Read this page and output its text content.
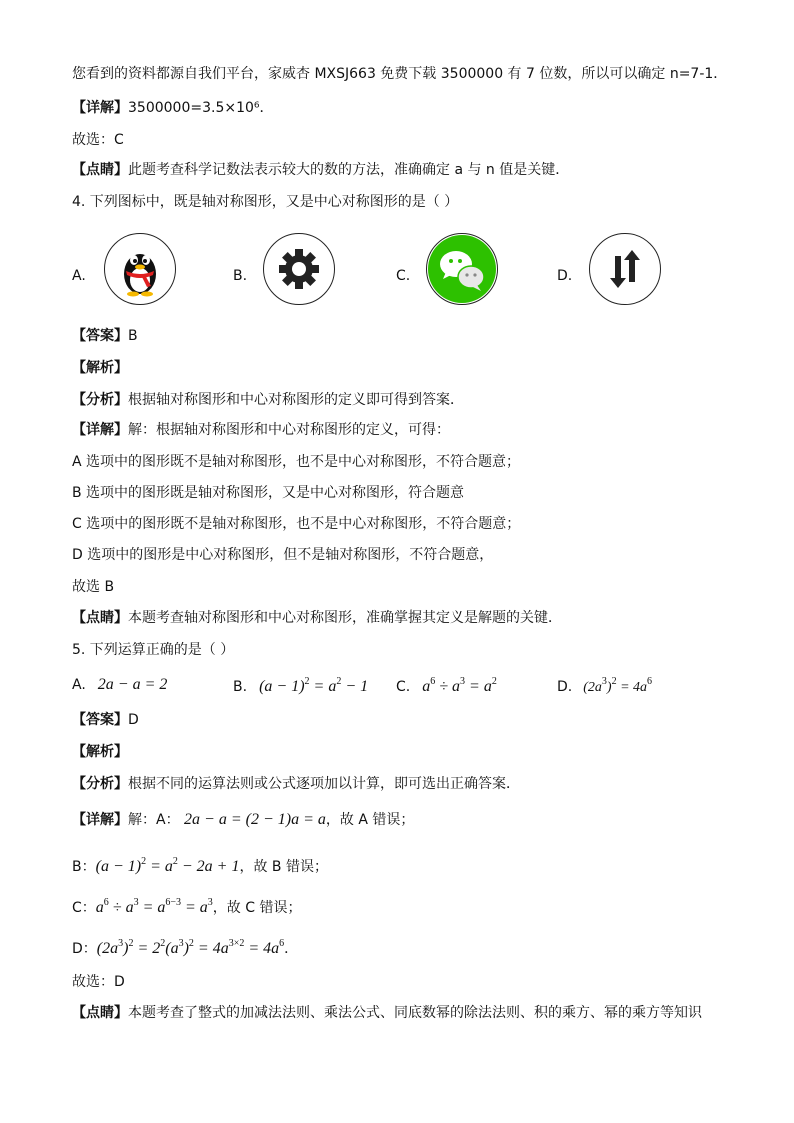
您看到的资料都源自我们平台，家威杏 MXSJ663 免费下载 3500000 有 7 位数，所以可以确定 n=7-1．
【详解】3500000=3.5×10⁶．
故选：C
【点睛】此题考查科学记数法表示较大的数的方法，准确确定 a 与 n 值是关键．
4. 下列图标中，既是轴对称图形，又是中心对称图形的是（ ）
A.	B.	C.	D.
【答案】B
【解析】
【分析】根据轴对称图形和中心对称图形的定义即可得到答案．
【详解】解：根据轴对称图形和中心对称图形的定义，可得：
A 选项中的图形既不是轴对称图形，也不是中心对称图形，不符合题意；
B 选项中的图形既是轴对称图形，又是中心对称图形，符合题意
C 选项中的图形既不是轴对称图形，也不是中心对称图形，不符合题意；
D 选项中的图形是中心对称图形，但不是轴对称图形，不符合题意，
故选 B
【点睛】本题考查轴对称图形和中心对称图形，准确掌握其定义是解题的关键．
5. 下列运算正确的是（ ）
A.   2a − a = 2	B.   $(a - 1)^2 = a^2 - 1$ C.   $a^6 \div a^3 = a^2$	D.   $(2a^3)^2 = 4a^6$
【答案】D
【解析】
【分析】根据不同的运算法则或公式逐项加以计算，即可选出正确答案．
【详解】解：A： 2a − a = (2 − 1)a = a，故 A 错误；
B：$(a - 1)^2 = a^2 - 2a + 1$，故 B 错误；
C：$a^6 \div a^3 = a^{6-3} = a^3$，故 C 错误；
D：$(2a^3)^2 = 2^2(a^3)^2 = 4a^{3\times 2} = 4a^6$．
故选：D
【点睛】本题考查了整式的加减法法则、乘法公式、同底数幂的除法法则、积的乘方、幂的乘方等知识
